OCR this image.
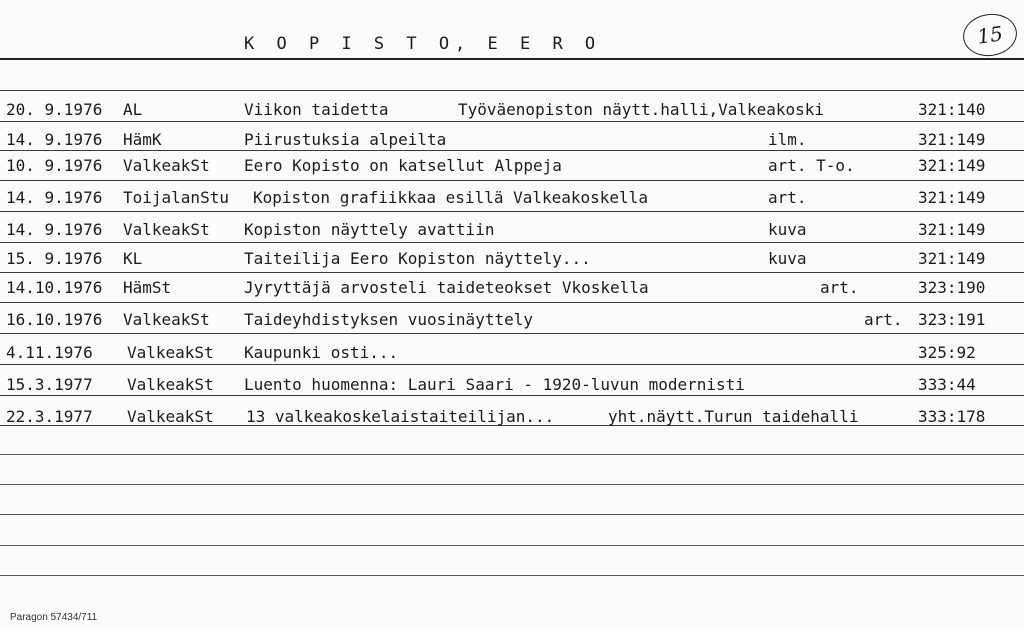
K O P I S T O, E E R O	15
20. 9.1976 AL	Viikon taidetta	Työväenopiston näytt.halli,Valkeakoski	321:140
14. 9.1976 HämK	Piirustuksia alpeilta	ilm.	321:149
10. 9.1976 ValkeakSt Eero Kopisto on katsellut Alppeja	art. T-o.	321:149
14. 9.1976 ToijalanStu Kopiston grafiikkaa esillä Valkeakoskella	art.	321:149
14. 9.1976 ValkeakSt Kopiston näyttely avattiin	kuva	321:149
15. 9.1976 KL	Taiteilija Eero Kopiston näyttely...	kuva	321:149
14.10.1976 HämSt	Jyryttäjä arvosteli taideteokset Vkoskella	art.	323:190
16.10.1976 ValkeakSt Taideyhdistyksen vuosinäyttely	art. 323:191
4.11.1976 ValkeakSt Kaupunki osti...	325:92
15.3.1977 ValkeakSt Luento huomenna: Lauri Saari - 1920-luvun modernisti	333:44
22.3.1977 ValkeakSt 13 valkeakoskelaistaiteilijan...	yht.näytt.Turun taidehalli	333:178
Paragon 57434/711
